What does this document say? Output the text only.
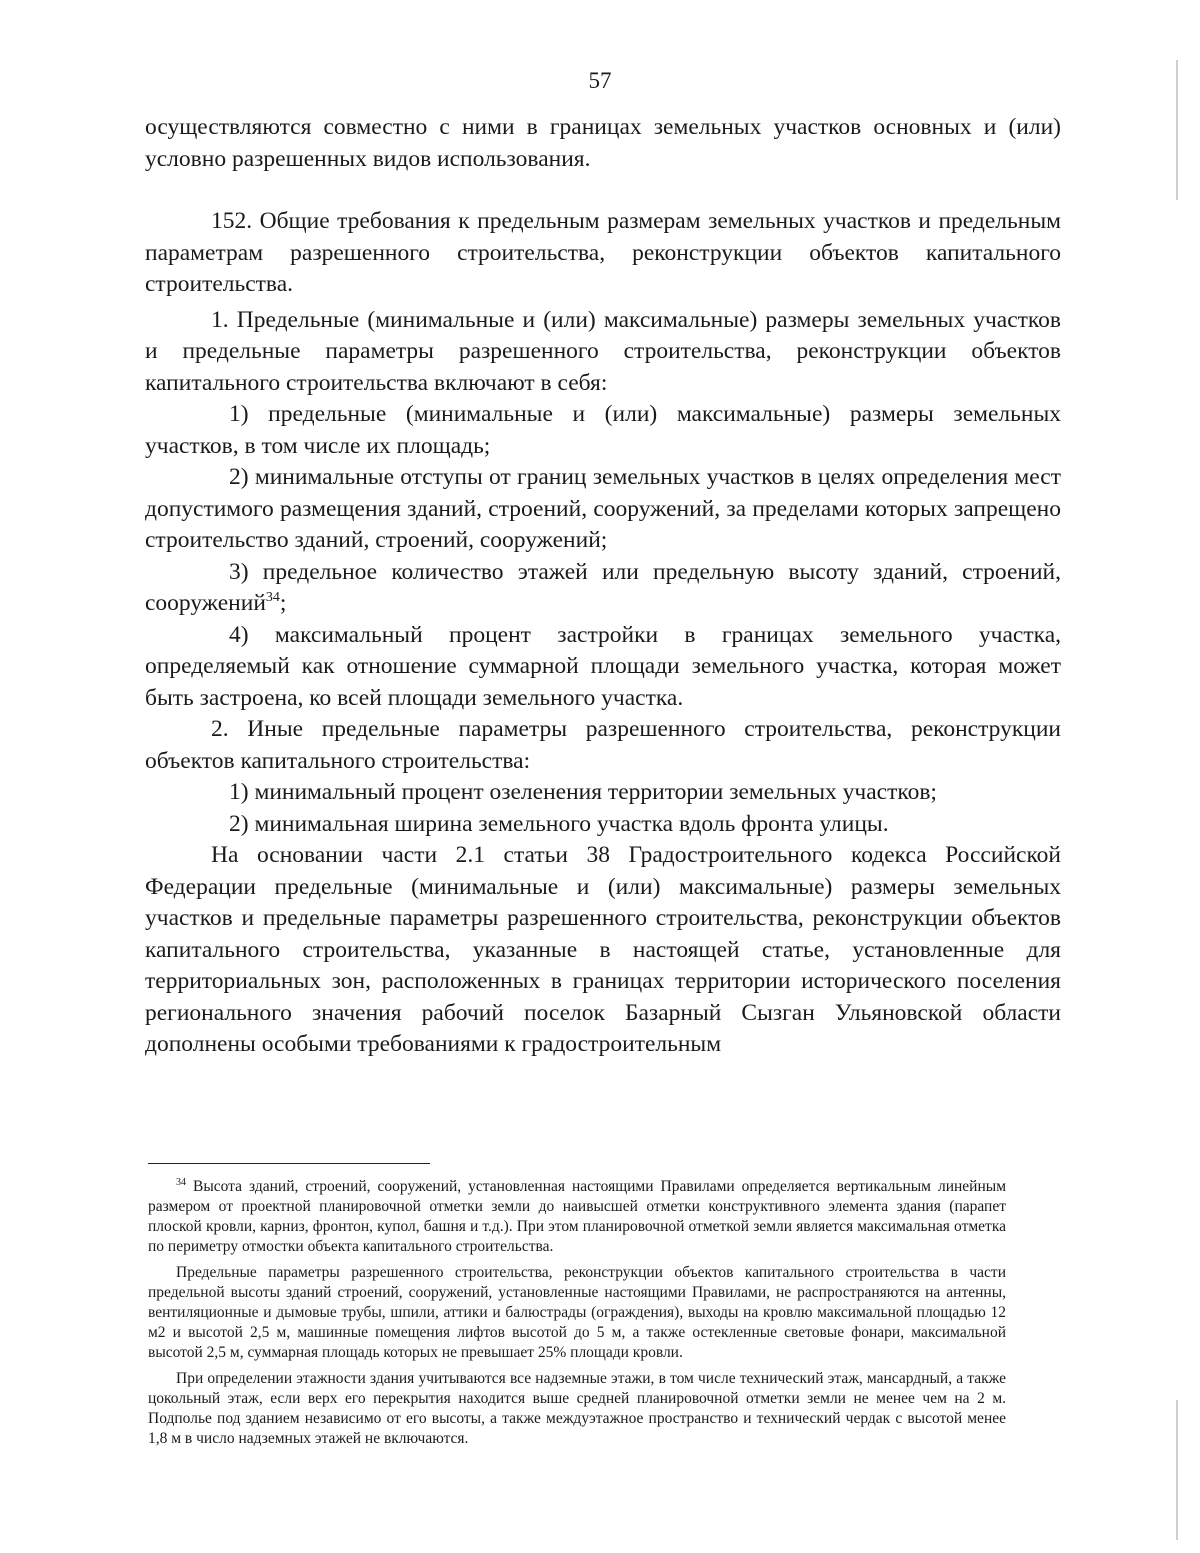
57

осуществляются совместно с ними в границах земельных участков основных и (или) условно разрешенных видов использования.

152. Общие требования к предельным размерам земельных участков и предельным параметрам разрешенного строительства, реконструкции объектов капитального строительства.

1. Предельные (минимальные и (или) максимальные) размеры земельных участков и предельные параметры разрешенного строительства, реконструкции объектов капитального строительства включают в себя:

1) предельные (минимальные и (или) максимальные) размеры земельных участков, в том числе их площадь;

2) минимальные отступы от границ земельных участков в целях определения мест допустимого размещения зданий, строений, сооружений, за пределами которых запрещено строительство зданий, строений, сооружений;

3) предельное количество этажей или предельную высоту зданий, строений, сооружений$^{34}$;

4) максимальный процент застройки в границах земельного участка, определяемый как отношение суммарной площади земельного участка, которая может быть застроена, ко всей площади земельного участка.

2. Иные предельные параметры разрешенного строительства, реконструкции объектов капитального строительства:

1) минимальный процент озеленения территории земельных участков;

2) минимальная ширина земельного участка вдоль фронта улицы.

На основании части 2.1 статьи 38 Градостроительного кодекса Российской Федерации предельные (минимальные и (или) максимальные) размеры земельных участков и предельные параметры разрешенного строительства, реконструкции объектов капитального строительства, указанные в настоящей статье, установленные для территориальных зон, расположенных в границах территории исторического поселения регионального значения рабочий поселок Базарный Сызган Ульяновской области дополнены особыми требованиями к градостроительным

$^{34}$ Высота зданий, строений, сооружений, установленная настоящими Правилами определяется вертикальным линейным размером от проектной планировочной отметки земли до наивысшей отметки конструктивного элемента здания (парапет плоской кровли, карниз, фронтон, купол, башня и т.д.). При этом планировочной отметкой земли является максимальная отметка по периметру отмостки объекта капитального строительства.

Предельные параметры разрешенного строительства, реконструкции объектов капитального строительства в части предельной высоты зданий строений, сооружений, установленные настоящими Правилами, не распространяются на антенны, вентиляционные и дымовые трубы, шпили, аттики и балюстрады (ограждения), выходы на кровлю максимальной площадью 12 м2 и высотой 2,5 м, машинные помещения лифтов высотой до 5 м, а также остекленные световые фонари, максимальной высотой 2,5 м, суммарная площадь которых не превышает 25% площади кровли.

При определении этажности здания учитываются все надземные этажи, в том числе технический этаж, мансардный, а также цокольный этаж, если верх его перекрытия находится выше средней планировочной отметки земли не менее чем на 2 м. Подполье под зданием независимо от его высоты, а также междуэтажное пространство и технический чердак с высотой менее 1,8 м в число надземных этажей не включаются.
